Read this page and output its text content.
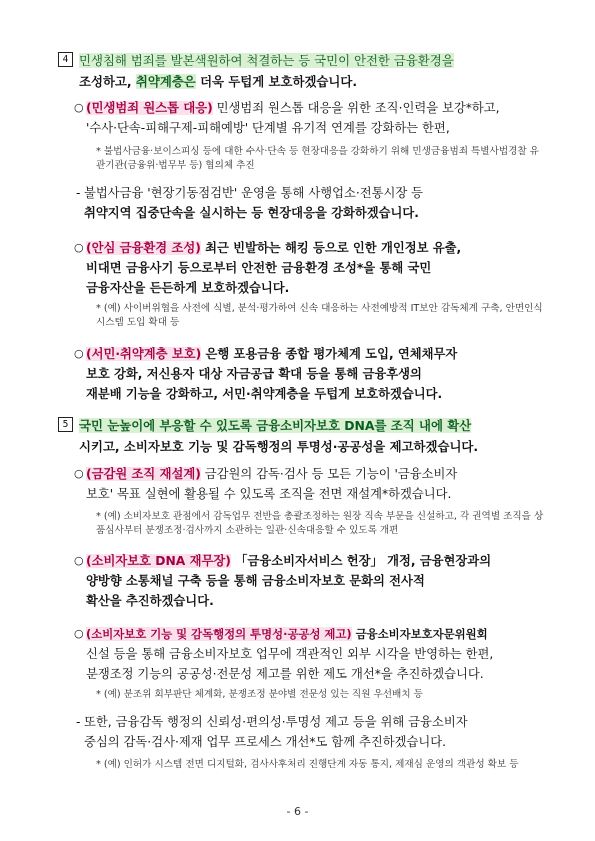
4 민생침해 범죄를 발본색원하여 척결하는 등 국민이 안전한 금융환경을
조성하고, 취약계층은 더욱 두텁게 보호하겠습니다.
○ (민생범죄 원스톱 대응) 민생범죄 원스톱 대응을 위한 조직·인력을 보강*하고,
'수사·단속-피해구제-피해예방' 단계별 유기적 연계를 강화하는 한편,
* 불법사금융·보이스피싱 등에 대한 수사·단속 등 현장대응을 강화하기 위해 민생금융범죄 특별사법경찰 유관기관(금융위·법무부 등) 협의체 추진
- 불법사금융 '현장기동점검반' 운영을 통해 사행업소·전통시장 등
취약지역 집중단속을 실시하는 등 현장대응을 강화하겠습니다.
○ (안심 금융환경 조성) 최근 빈발하는 해킹 등으로 인한 개인정보 유출,
비대면 금융사기 등으로부터 안전한 금융환경 조성*을 통해 국민
금융자산을 든든하게 보호하겠습니다.
* (예) 사이버위협을 사전에 식별, 분석·평가하여 신속 대응하는 사전예방적 IT보안 감독체계 구축, 안면인식시스템 도입 확대 등
○ (서민·취약계층 보호) 은행 포용금융 종합 평가체계 도입, 연체채무자
보호 강화, 저신용자 대상 자금공급 확대 등을 통해 금융후생의
재분배 기능을 강화하고, 서민·취약계층을 두텁게 보호하겠습니다.
5 국민 눈높이에 부응할 수 있도록 금융소비자보호 DNA를 조직 내에 확산
시키고, 소비자보호 기능 및 감독행정의 투명성·공공성을 제고하겠습니다.
○ (금감원 조직 재설계) 금감원의 감독·검사 등 모든 기능이 '금융소비자
보호' 목표 실현에 활용될 수 있도록 조직을 전면 재설계*하겠습니다.
* (예) 소비자보호 관점에서 감독업무 전반을 총괄조정하는 원장 직속 부문을 신설하고, 각 권역별 조직을 상품심사부터 분쟁조정·검사까지 소관하는 일관·신속대응할 수 있도록 개편
○ (소비자보호 DNA 재무장) 「금융소비자서비스 헌장」 개정, 금융현장과의
양방향 소통채널 구축 등을 통해 금융소비자보호 문화의 전사적
확산을 추진하겠습니다.
○ (소비자보호 기능 및 감독행정의 투명성·공공성 제고) 금융소비자보호자문위원회
신설 등을 통해 금융소비자보호 업무에 객관적인 외부 시각을 반영하는 한편,
분쟁조정 기능의 공공성·전문성 제고를 위한 제도 개선*을 추진하겠습니다.
* (예) 분조위 회부판단 체계화, 분쟁조정 분야별 전문성 있는 직원 우선배치 등
- 또한, 금융감독 행정의 신뢰성·편의성·투명성 제고 등을 위해 금융소비자
중심의 감독·검사·제재 업무 프로세스 개선*도 함께 추진하겠습니다.
* (예) 인허가 시스템 전면 디지털화, 검사사후처리 진행단계 자동 통지, 제재심 운영의 객관성 확보 등
- 6 -
